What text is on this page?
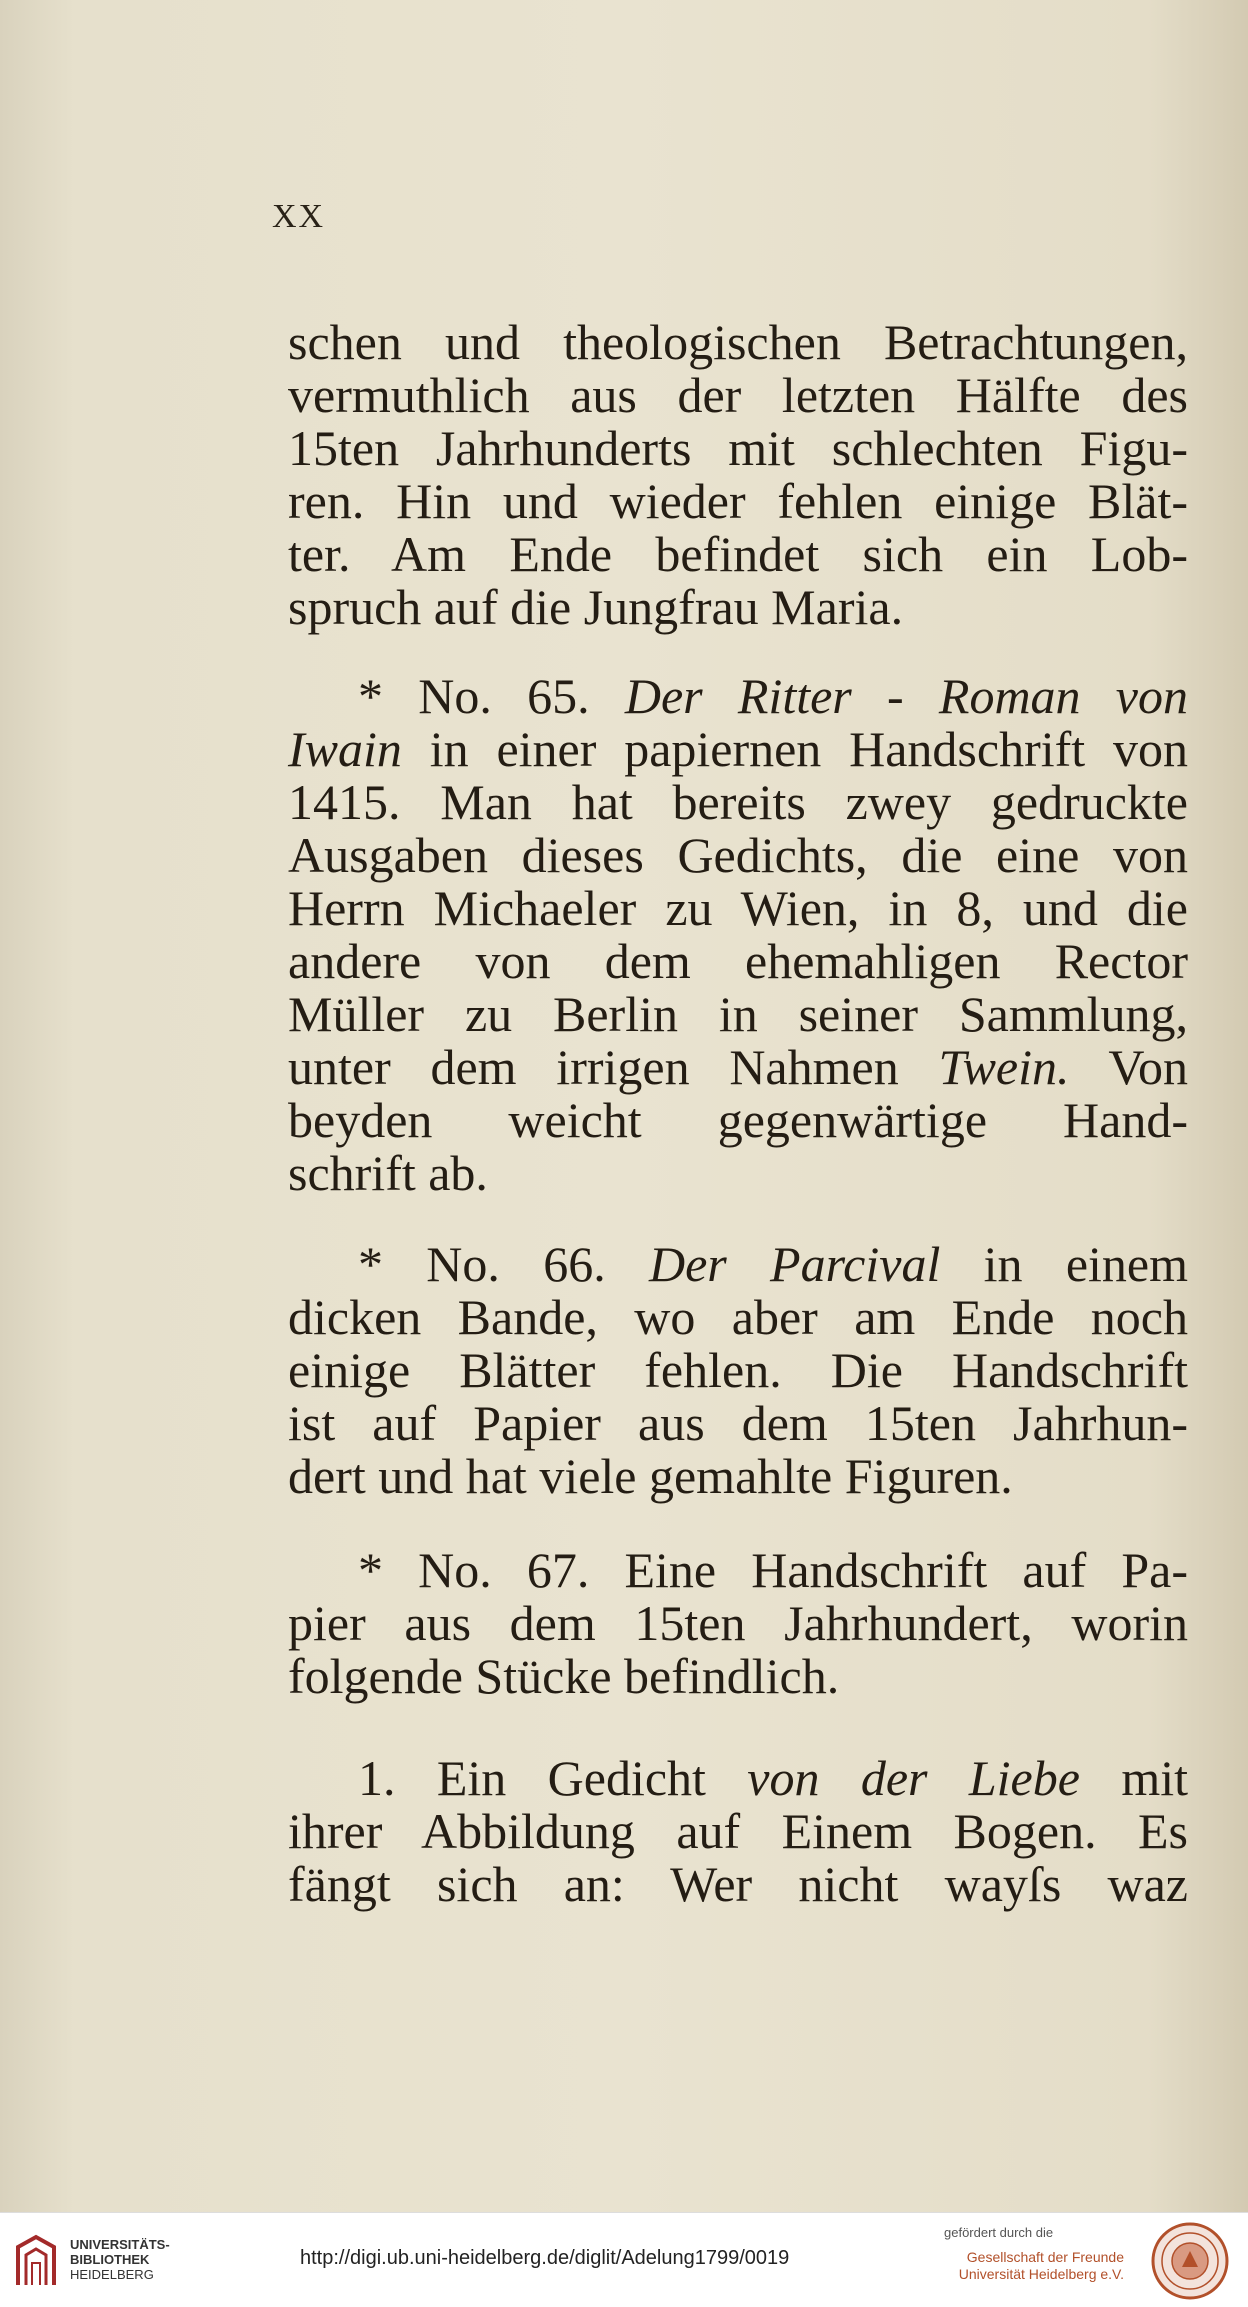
XX
schen und theologischen Betrachtungen,
vermuthlich aus der letzten Hälfte des
15ten Jahrhunderts mit schlechten Figu-
ren. Hin und wieder fehlen einige Blät-
ter. Am Ende befindet sich ein Lob-
spruch auf die Jungfrau Maria.
* No. 65. Der Ritter - Roman von
Iwain in einer papiernen Handschrift von
1415. Man hat bereits zwey gedruckte
Ausgaben dieses Gedichts, die eine von
Herrn Michaeler zu Wien, in 8, und die
andere von dem ehemahligen Rector
Müller zu Berlin in seiner Sammlung,
unter dem irrigen Nahmen Twein. Von
beyden weicht gegenwärtige Hand-
schrift ab.
* No. 66. Der Parcival in einem
dicken Bande, wo aber am Ende noch
einige Blätter fehlen. Die Handschrift
ist auf Papier aus dem 15ten Jahrhun-
dert und hat viele gemahlte Figuren.
* No. 67. Eine Handschrift auf Pa-
pier aus dem 15ten Jahrhundert, worin
folgende Stücke befindlich.
1. Ein Gedicht von der Liebe mit
ihrer Abbildung auf Einem Bogen. Es
fängt sich an: Wer nicht wayſs waz
UNIVERSITÄTS-
BIBLIOTHEK
HEIDELBERG
http://digi.ub.uni-heidelberg.de/diglit/Adelung1799/0019
gefördert durch die
Gesellschaft der Freunde
Universität Heidelberg e.V.
